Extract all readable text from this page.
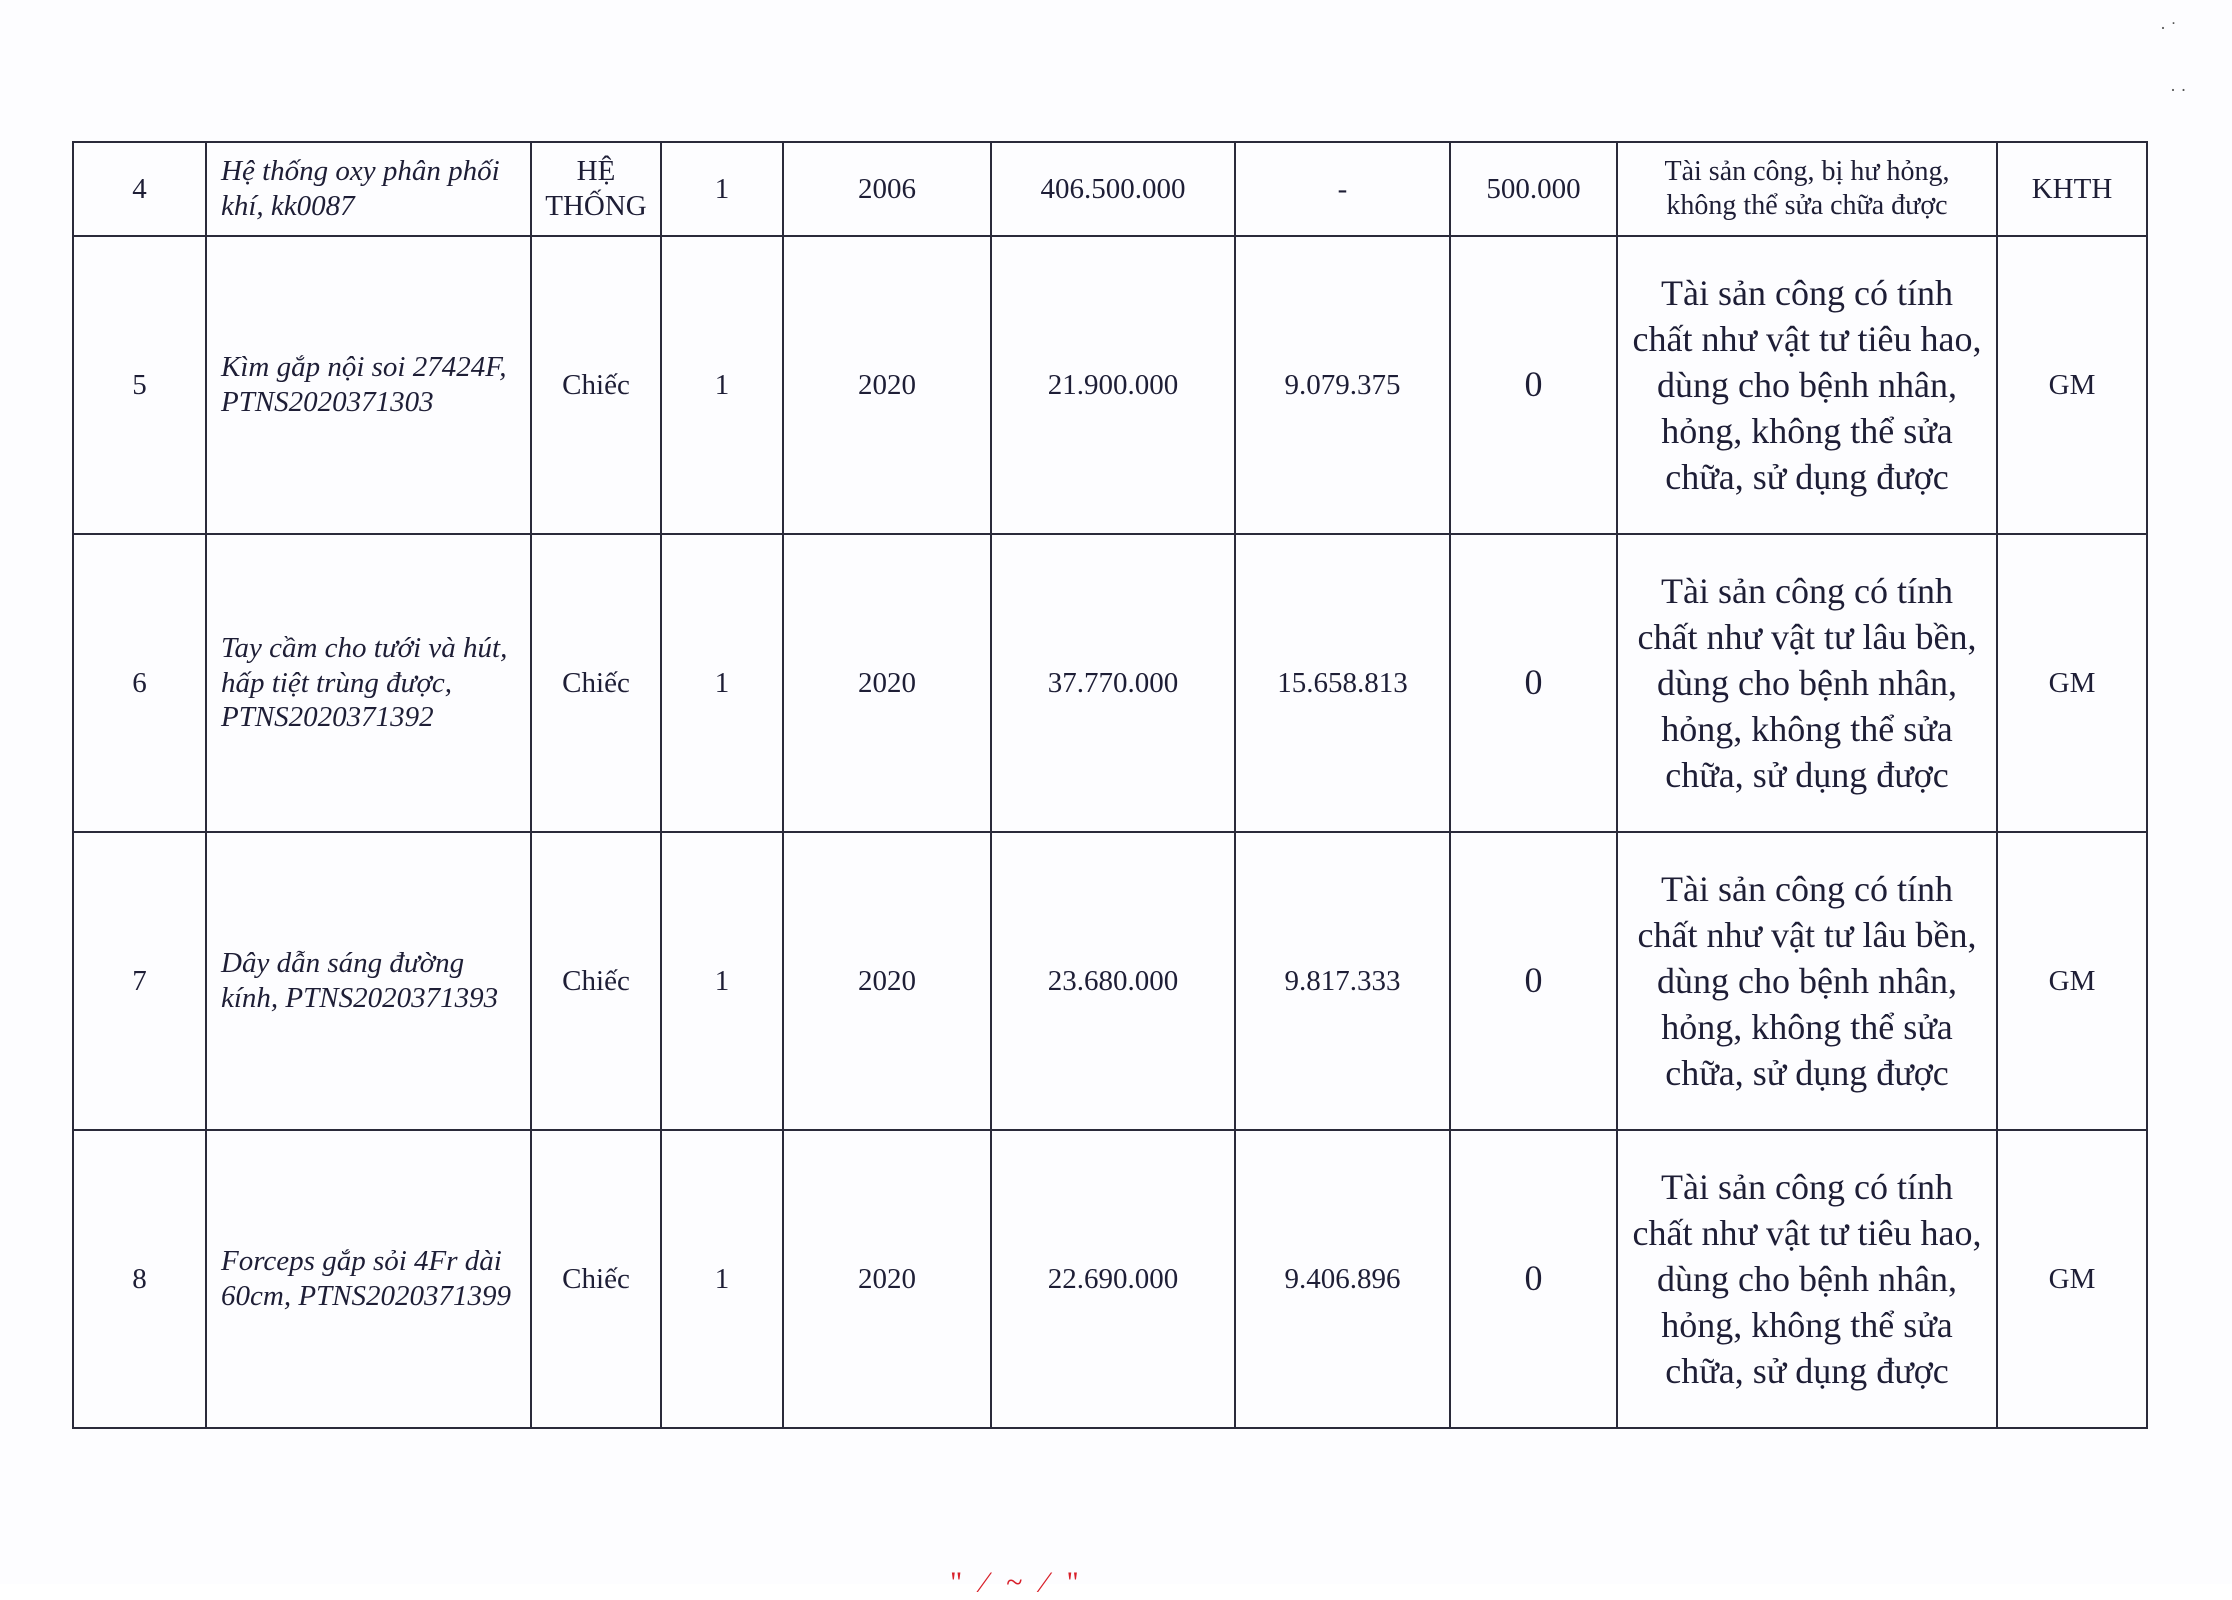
· ˙
· ·
4	Hệ thống oxy phân phối khí, kk0087	HỆ THỐNG	1	2006	406.500.000	-	500.000	Tài sản công, bị hư hỏng, không thể sửa chữa được	KHTH
5	Kìm gắp nội soi 27424F, PTNS2020371303	Chiếc	1	2020	21.900.000	9.079.375	0	Tài sản công có tính chất như vật tư tiêu hao, dùng cho bệnh nhân, hỏng, không thể sửa chữa, sử dụng được	GM
6	Tay cầm cho tưới và hút, hấp tiệt trùng được, PTNS2020371392	Chiếc	1	2020	37.770.000	15.658.813	0	Tài sản công có tính chất như vật tư lâu bền, dùng cho bệnh nhân, hỏng, không thể sửa chữa, sử dụng được	GM
7	Dây dẫn sáng đường kính, PTNS2020371393	Chiếc	1	2020	23.680.000	9.817.333	0	Tài sản công có tính chất như vật tư lâu bền, dùng cho bệnh nhân, hỏng, không thể sửa chữa, sử dụng được	GM
8	Forceps gắp sỏi 4Fr dài 60cm, PTNS2020371399	Chiếc	1	2020	22.690.000	9.406.896	0	Tài sản công có tính chất như vật tư tiêu hao, dùng cho bệnh nhân, hỏng, không thể sửa chữa, sử dụng được	GM
" ⁄ ~ ⁄ "
